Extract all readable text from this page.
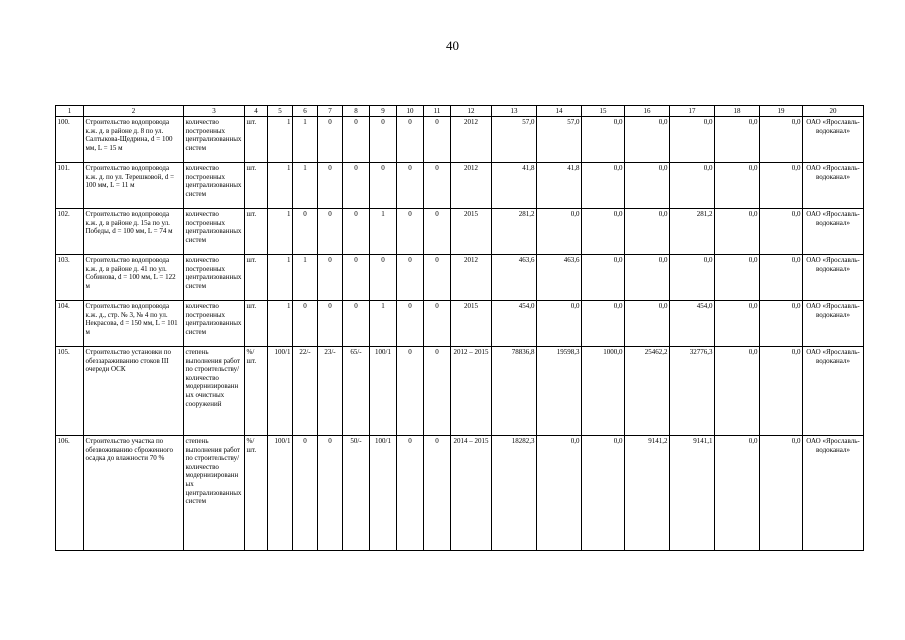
40
1	2	3	4	5	6	7	8	9	10	11	12	13	14	15	16	17	18	19	20
100.	Строительство водопровода к.ж. д. в районе д. 8 по ул. Салтыкова-Щедрина, d = 100 мм, L = 15 м	количество построенных централизованных систем	шт.	1	1	0	0	0	0	0	2012	57,0	57,0	0,0	0,0	0,0	0,0	0,0	ОАО «Ярославль-водоканал»
101.	Строительство водопровода к.ж. д. по ул. Терешковой, d = 100 мм, L = 11 м	количество построенных централизованных систем	шт.	1	1	0	0	0	0	0	2012	41,8	41,8	0,0	0,0	0,0	0,0	0,0	ОАО «Ярославль-водоканал»
102.	Строительство водопровода к.ж. д. в районе д. 15а по ул. Победы, d = 100 мм, L = 74 м	количество построенных централизованных систем	шт.	1	0	0	0	1	0	0	2015	281,2	0,0	0,0	0,0	281,2	0,0	0,0	ОАО «Ярославль-водоканал»
103.	Строительство водопровода к.ж. д. в районе д. 41 по ул. Собинова, d = 100 мм, L = 122 м	количество построенных централизованных систем	шт.	1	1	0	0	0	0	0	2012	463,6	463,6	0,0	0,0	0,0	0,0	0,0	ОАО «Ярославль-водоканал»
104.	Строительство водопровода к.ж. д., стр. № 3, № 4 по ул. Некрасова, d = 150 мм, L = 101 м	количество построенных централизованных систем	шт.	1	0	0	0	1	0	0	2015	454,0	0,0	0,0	0,0	454,0	0,0	0,0	ОАО «Ярославль-водоканал»
105.	Строительство установки по обеззараживанию стоков III очереди ОСК	степень выполнения работ по строительству/ количество модернизированных очистных сооружений	%/ шт.	100/1	22/-	23/-	65/-	100/1	0	0	2012 – 2015	78836,8	19598,3	1000,0	25462,2	32776,3	0,0	0,0	ОАО «Ярославль-водоканал»
106.	Строительство участка по обезвоживанию сброженного осадка до влажности 70 %	степень выполнения работ по строительству/ количество модернизированных централизованных систем	%/ шт.	100/1	0	0	50/-	100/1	0	0	2014 – 2015	18282,3	0,0	0,0	9141,2	9141,1	0,0	0,0	ОАО «Ярославль-водоканал»
